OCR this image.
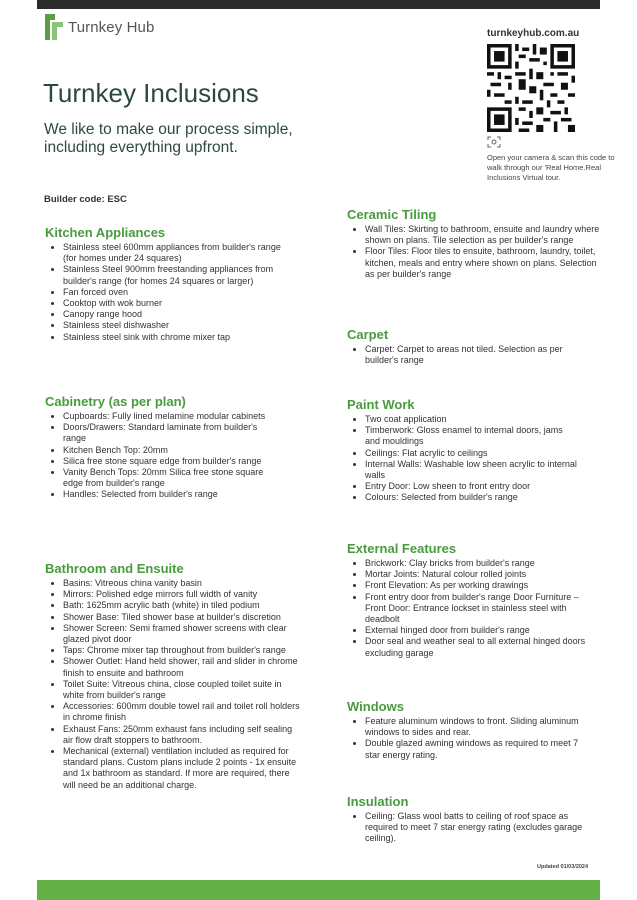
Turnkey Hub	turnkeyhub.com.au
Open your camera & scan this code to walk through our 'Real Home.Real Inclusions Virtual tour.
Turnkey Inclusions

We like to make our process simple, including everything upfront.

Builder code: ESC
Kitchen Appliances
• Stainless steel 600mm appliances from builder's range (for homes under 24 squares)
• Stainless Steel 900mm freestanding appliances from builder's range (for homes 24 squares or larger)
• Fan forced oven
• Cooktop with wok burner
• Canopy range hood
• Stainless steel dishwasher
• Stainless steel sink with chrome mixer tap
Cabinetry (as per plan)
• Cupboards: Fully lined melamine modular cabinets
• Doors/Drawers: Standard laminate from builder's range
• Kitchen Bench Top: 20mm
• Silica free stone square edge from builder's range
• Vanity Bench Tops: 20mm Silica free stone square edge from builder's range
• Handles: Selected from builder's range
Bathroom and Ensuite
• Basins: Vitreous china vanity basin
• Mirrors: Polished edge mirrors full width of vanity
• Bath: 1625mm acrylic bath (white) in tiled podium
• Shower Base: Tiled shower base at builder's discretion
• Shower Screen: Semi framed shower screens with clear glazed pivot door
• Taps: Chrome mixer tap throughout from builder's range
• Shower Outlet: Hand held shower, rail and slider in chrome finish to ensuite and bathroom
• Toilet Suite: Vitreous china, close coupled toilet suite in white from builder's range
• Accessories: 600mm double towel rail and toilet roll holders in chrome finish
• Exhaust Fans: 250mm exhaust fans including self sealing air flow draft stoppers to bathroom.
• Mechanical (external) ventilation included as required for standard plans. Custom plans include 2 points - 1x ensuite and 1x bathroom as standard. If more are required, there will need be an additional charge.
Ceramic Tiling
• Wall Tiles: Skirting to bathroom, ensuite and laundry where shown on plans. Tile selection as per builder's range
• Floor Tiles: Floor tiles to ensuite, bathroom, laundry, toilet, kitchen, meals and entry where shown on plans. Selection as per builder's range
Carpet
• Carpet: Carpet to areas not tiled. Selection as per builder's range
Paint Work
• Two coat application
• Timberwork: Gloss enamel to internal doors, jams and mouldings
• Ceilings: Flat acrylic to ceilings
• Internal Walls: Washable low sheen acrylic to internal walls
• Entry Door: Low sheen to front entry door
• Colours: Selected from builder's range
External Features
• Brickwork: Clay bricks from builder's range
• Mortar Joints: Natural colour rolled joints
• Front Elevation: As per working drawings
• Front entry door from builder's range Door Furniture – Front Door: Entrance lockset in stainless steel with deadbolt
• External hinged door from builder's range
• Door seal and weather seal to all external hinged doors excluding garage
Windows
• Feature aluminum windows to front. Sliding aluminum windows to sides and rear.
• Double glazed awning windows as required to meet 7 star energy rating.
Insulation
• Ceiling: Glass wool batts to ceiling of roof space as required to meet 7 star energy rating (excludes garage ceiling).
Updated 01/03/2024
